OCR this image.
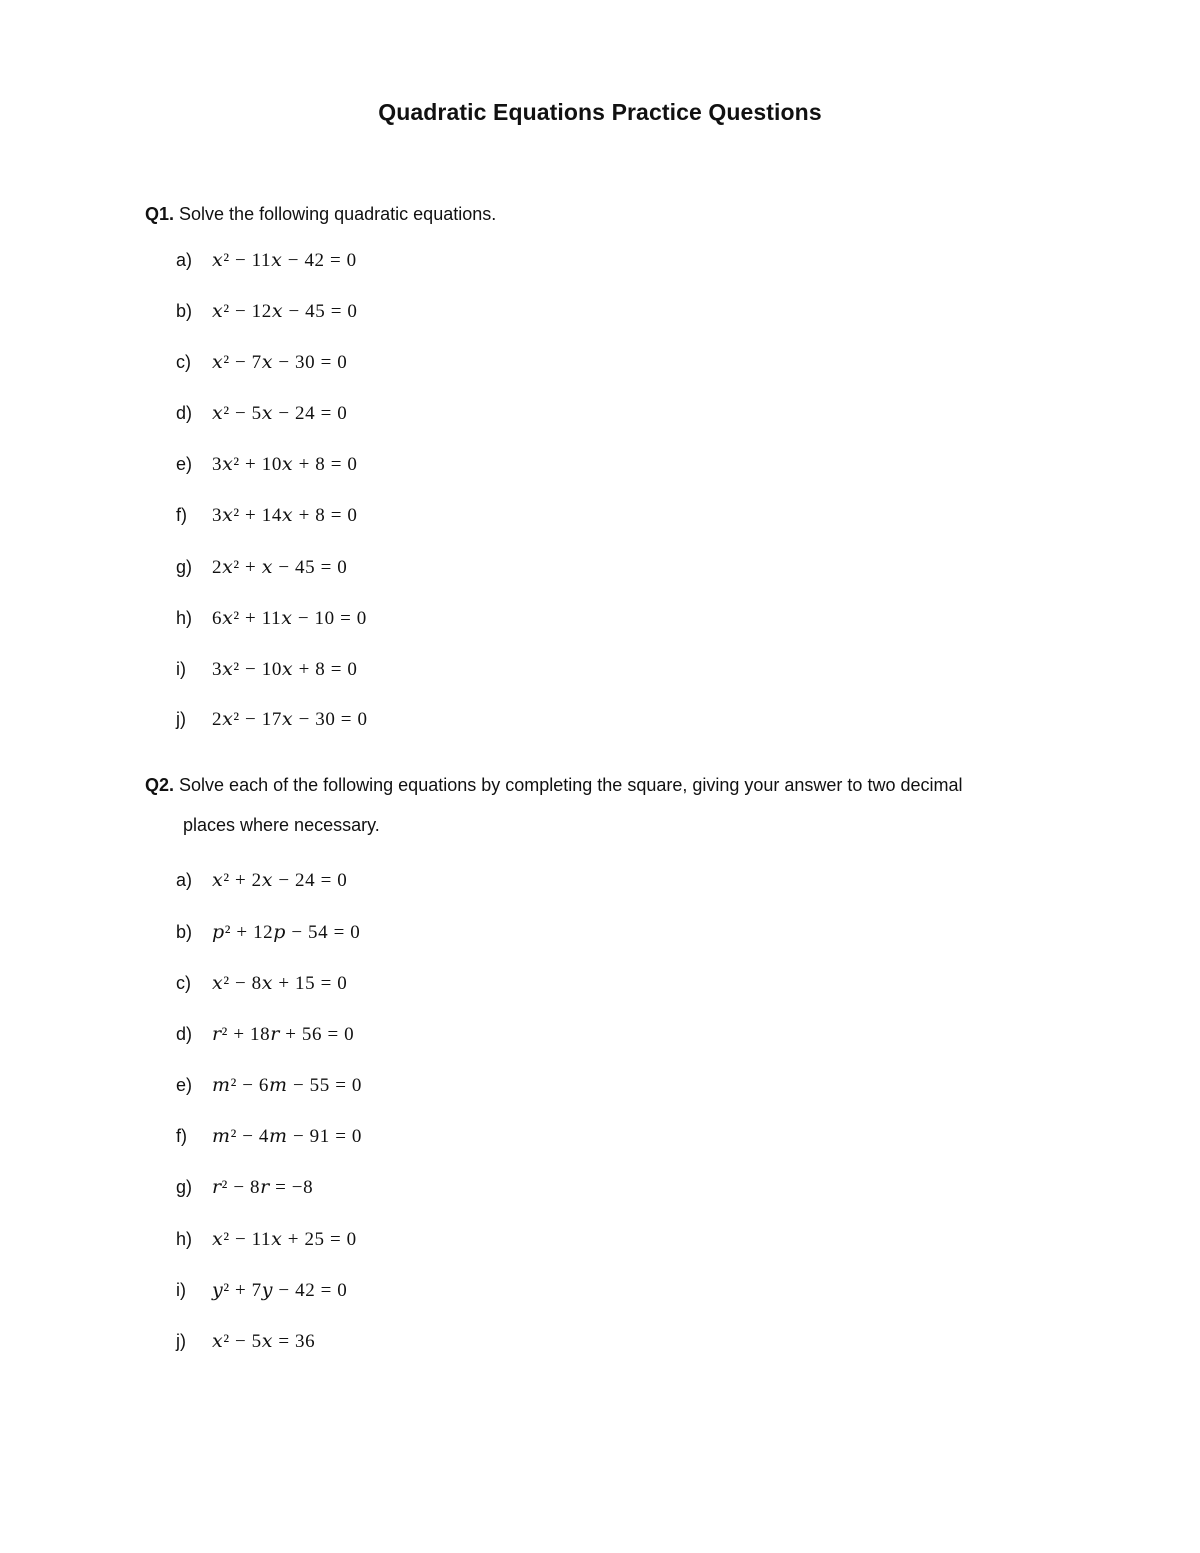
Quadratic Equations Practice Questions

Q1. Solve the following quadratic equations.

a)	𝑥² − 11𝑥 − 42 = 0
b)	𝑥² − 12𝑥 − 45 = 0
c)	𝑥² − 7𝑥 − 30 = 0
d)	𝑥² − 5𝑥 − 24 = 0
e)	3𝑥² + 10𝑥 + 8 = 0
f)	3𝑥² + 14𝑥 + 8 = 0
g)	2𝑥² + 𝑥 − 45 = 0
h)	6𝑥² + 11𝑥 − 10 = 0
i)	3𝑥² − 10𝑥 + 8 = 0
j)	2𝑥² − 17𝑥 − 30 = 0

Q2. Solve each of the following equations by completing the square, giving your answer to two decimal

places where necessary.

a)	𝑥² + 2𝑥 − 24 = 0
b)	𝑝² + 12𝑝 − 54 = 0
c)	𝑥² − 8𝑥 + 15 = 0
d)	𝑟² + 18𝑟 + 56 = 0
e)	𝑚² − 6𝑚 − 55 = 0
f)	𝑚² − 4𝑚 − 91 = 0
g)	𝑟² − 8𝑟 = −8
h)	𝑥² − 11𝑥 + 25 = 0
i)	𝑦² + 7𝑦 − 42 = 0
j)	𝑥² − 5𝑥 = 36
